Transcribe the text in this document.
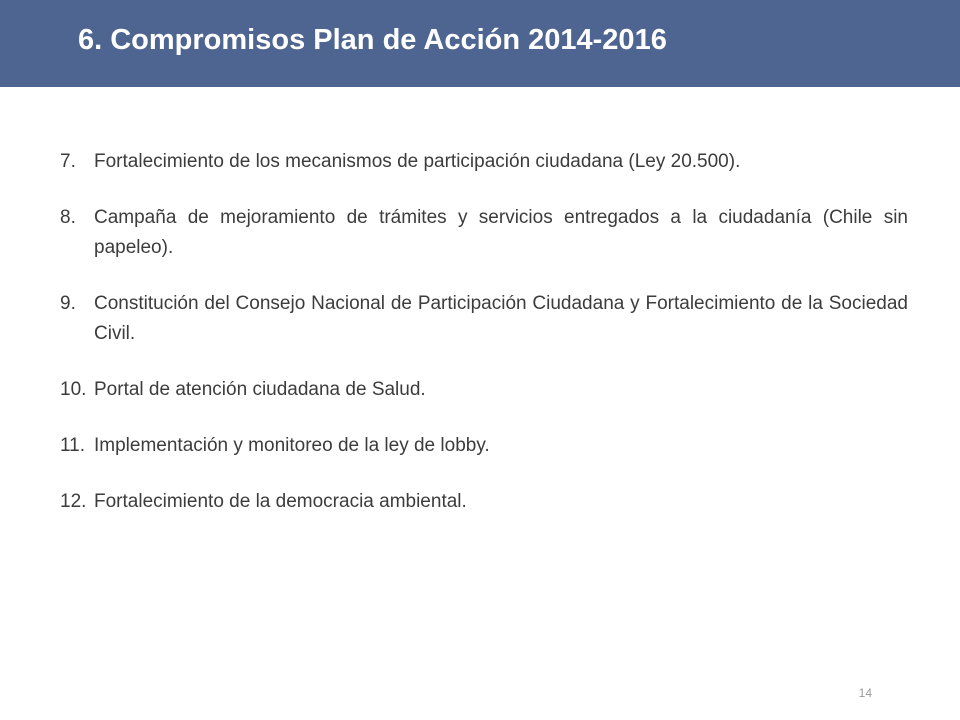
6. Compromisos Plan de Acción 2014-2016
7. Fortalecimiento de los mecanismos de participación ciudadana (Ley 20.500).
8. Campaña de mejoramiento de trámites y servicios entregados a la ciudadanía (Chile sin papeleo).
9. Constitución del Consejo Nacional de Participación Ciudadana y Fortalecimiento de la Sociedad Civil.
10. Portal de atención ciudadana de Salud.
11. Implementación y monitoreo de la ley de lobby.
12. Fortalecimiento de la democracia ambiental.
14
